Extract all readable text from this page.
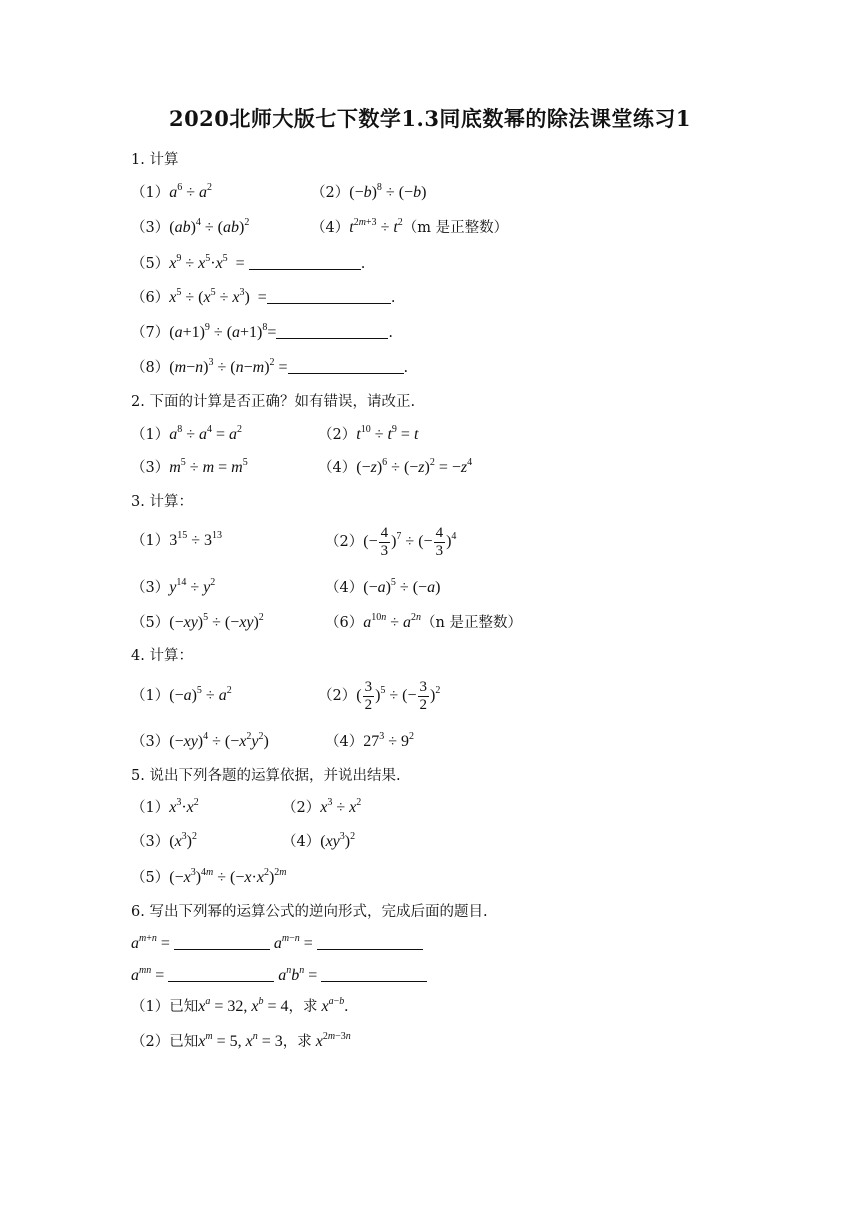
2020北师大版七下数学1.3同底数幂的除法课堂练习1
1. 计算
$(1)a^6 \div a^2$	$(2)(-b)^8 \div (-b)$
（3）(ab)$^4$ ÷ (ab)$^2$	$(4)t^{2m+3} \div t^2(m$ 是正整数）
$(5)x^9 \div x^5\cdot x^5$  =	.
$(6)x^5 \div (x^5 \div x^3)$  =	.
$(7)(a+1)^9 \div (a+1)^8=$	.
$(8)(m-n)^3 \div (n-m)^2$ =	.
2. 下面的计算是否正确？如有错误，请改正.
$(1)a^8 \div a^4 = a^2$	$(2)t^{10} \div t^9 = t$
$(3)m^5 \div m = m^5$	$(4)(-z)^6 \div (-z)^2 = -z^4$
3. 计算：
$(1)3^{15} \div 3^{13}$	$(2)(- \frac{4}{3} )^7$ ÷ (− $\frac{4}{3} )^4$
$(3)y^{14} \div y^2$	$(4)(-a)^5 \div (-a)$
$(5)(-xy)^5 \div (-xy)^2$	$(6)a^{10n} \div a^{2n}(n$ 是正整数）
4. 计算：
$(1)(-a)^5 \div a^2$	$(2)( \frac{3}{2} )^5$ ÷ (− $\frac{3}{2} )^2$
$(3)(-xy)^4 \div (-x^2y^2)$	$(4)27^3 \div 9^2$
5. 说出下列各题的运算依据，并说出结果.
$(1)x^3\cdot x^2$	$(2)x^3 \div x^2$
$(3)(x^3)^2$	$(4)(xy^3)^2$
$(5)(-x^3)^{4m} \div (-x\cdot x^2)^{2m}$
6. 写出下列幂的运算公式的逆向形式，完成后面的题目.
$a^{m+n}$ =	$a^{m-n}$ =
$a^{mn}$ =	$a^nb^n$ =
（1）已知$x^a = 32$, $x^b = 4$，求 $x^{a-b}$.
（2）已知$x^m = 5$, $x^n = 3$，求 $x^{2m-3n}$
